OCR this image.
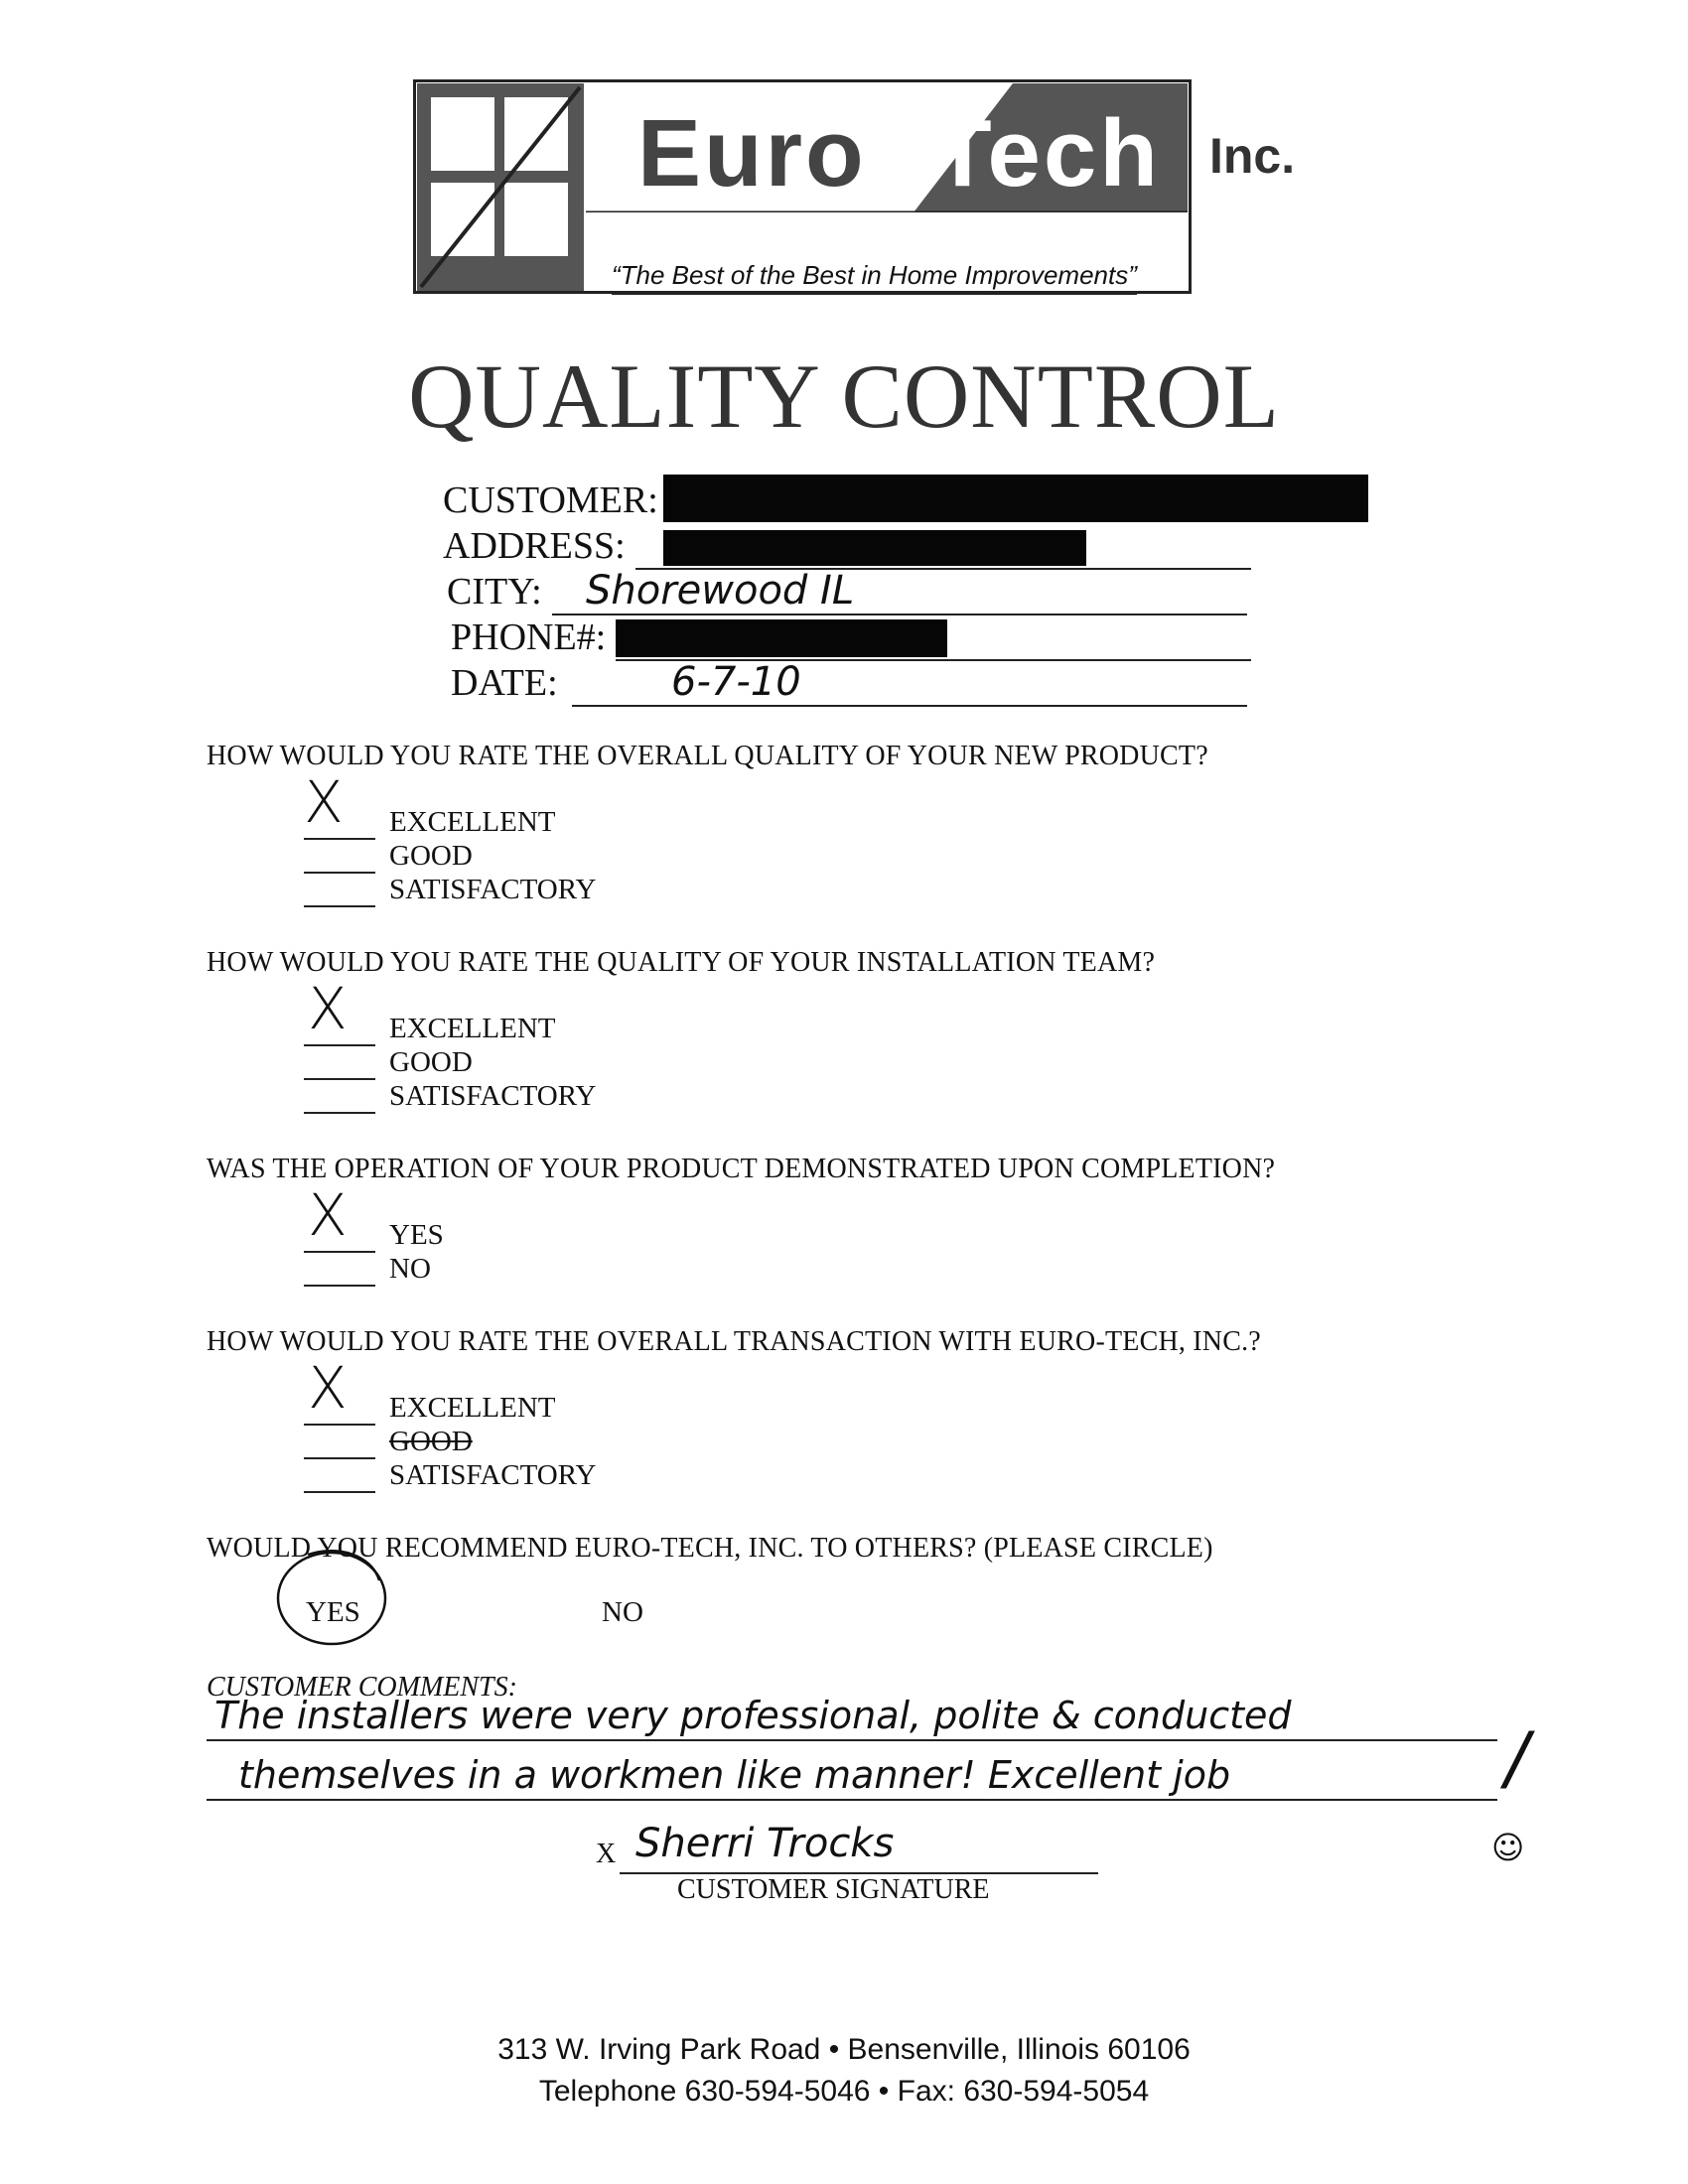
Euro Tech Inc.
“The Best of the Best in Home Improvements”
QUALITY CONTROL
CUSTOMER:
ADDRESS:
CITY: Shorewood IL
PHONE#:
DATE:	6-7-10
HOW WOULD YOU RATE THE OVERALL QUALITY OF YOUR NEW PRODUCT?
X EXCELLENT
GOOD
SATISFACTORY
HOW WOULD YOU RATE THE QUALITY OF YOUR INSTALLATION TEAM?
X EXCELLENT
GOOD
SATISFACTORY
WAS THE OPERATION OF YOUR PRODUCT DEMONSTRATED UPON COMPLETION?
X YES
NO
HOW WOULD YOU RATE THE OVERALL TRANSACTION WITH EURO-TECH, INC.?
X EXCELLENT
GOOD
SATISFACTORY
WOULD YOU RECOMMEND EURO-TECH, INC. TO OTHERS? (PLEASE CIRCLE)
YES	NO
CUSTOMER COMMENTS:
The installers were very professional, polite & conducted
themselves in a workmen like manner! Excellent job	/
☺
X Sherri Trocks
CUSTOMER SIGNATURE
313 W. Irving Park Road • Bensenville, Illinois 60106
Telephone 630-594-5046 • Fax: 630-594-5054
